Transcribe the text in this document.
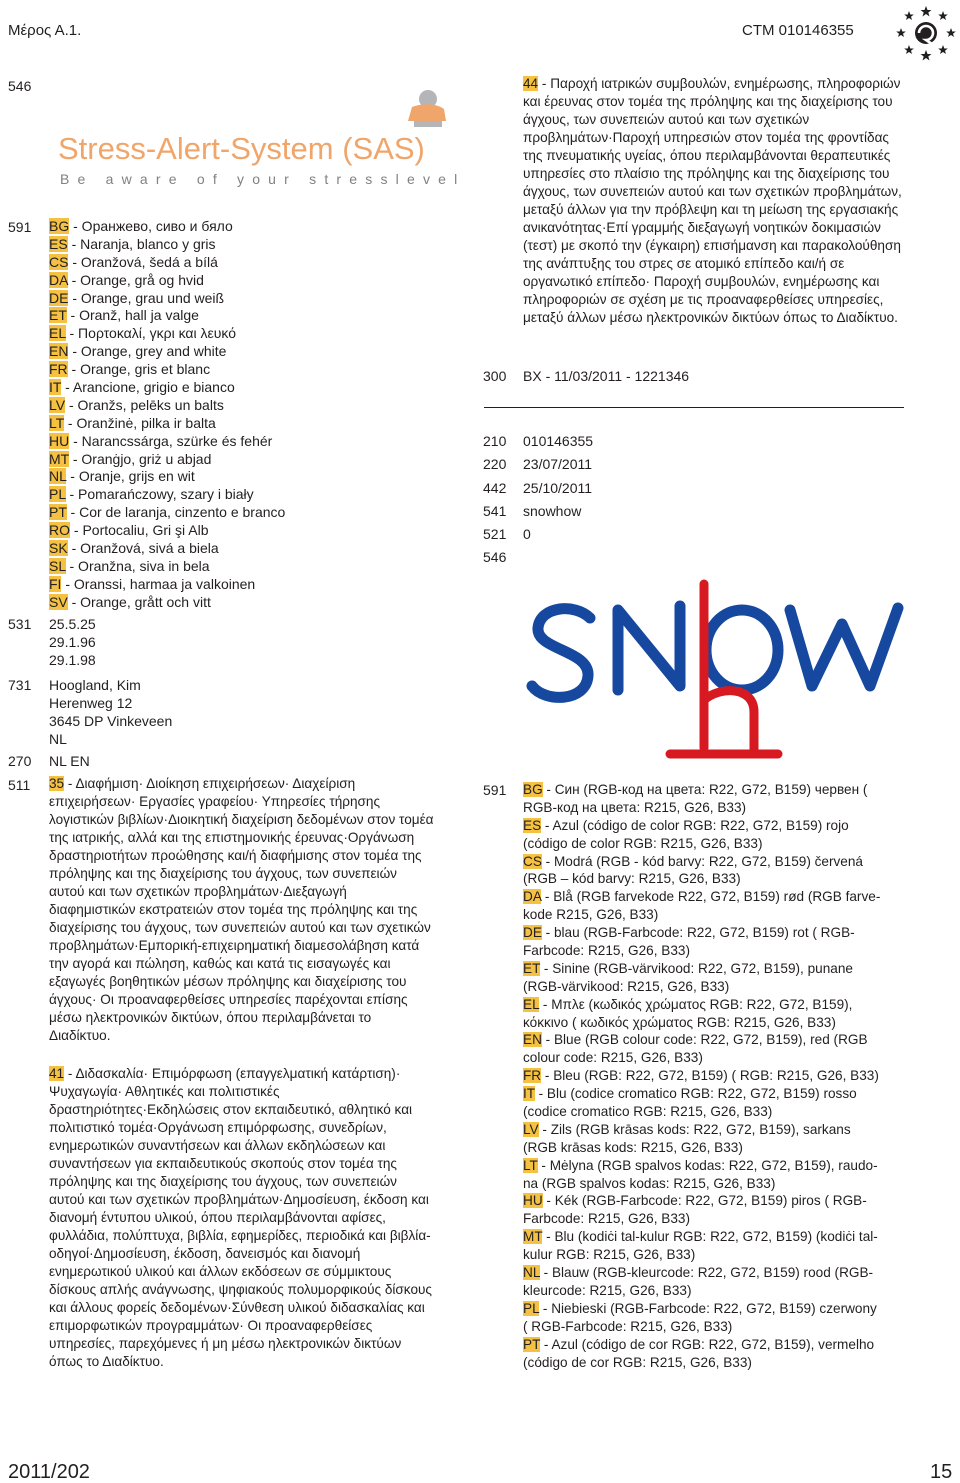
Μέρος Α.1.	CTM 010146355
546
Stress-Alert-System (SAS)
Be aware of your stresslevel
591	BG - Оранжево, сиво и бяло
ES - Naranja, blanco y gris
CS - Oranžová, šedá a bílá
DA - Orange, grå og hvid
DE - Orange, grau und weiß
ET - Oranž, hall ja valge
EL - Πορτοκαλί, γκρι και λευκό
EN - Orange, grey and white
FR - Orange, gris et blanc
IT - Arancione, grigio e bianco
LV - Oranžs, pelēks un balts
LT - Oranžinė, pilka ir balta
HU - Narancssárga, szürke és fehér
MT - Oranġjo, griż u abjad
NL - Oranje, grijs en wit
PL - Pomarańczowy, szary i biały
PT - Cor de laranja, cinzento e branco
RO - Portocaliu, Gri şi Alb
SK - Oranžová, sivá a biela
SL - Oranžna, siva in bela
FI - Oranssi, harmaa ja valkoinen
SV - Orange, grått och vitt
531	25.5.25
29.1.96
29.1.98
731	Hoogland, Kim
Herenweg 12
3645 DP Vinkeveen
NL
270	NL EN
511	35 - Διαφήμιση· Διοίκηση επιχειρήσεων· Διαχείριση επιχειρήσεων· Εργασίες γραφείου· Υπηρεσίες τήρησης λογιστικών βιβλίων·Διοικητική διαχείριση δεδομένων στον τομέα της ιατρικής, αλλά και της επιστημονικής έρευνας·Οργάνωση δραστηριοτήτων προώθησης και/ή διαφήμισης στον τομέα της πρόληψης και της διαχείρισης του άγχους, των συνεπειών αυτού και των σχετικών προβλημάτων·Διεξαγωγή διαφημιστικών εκστρατειών στον τομέα της πρόληψης και της διαχείρισης του άγχους, των συνεπειών αυτού και των σχετικών προβλημάτων·Εμπορική-επιχειρηματική διαμεσολάβηση κατά την αγορά και πώληση, καθώς και κατά τις εισαγωγές και εξαγωγές βοηθητικών μέσων πρόληψης και διαχείρισης του άγχους· Οι προαναφερθείσες υπηρεσίες παρέχονται επίσης μέσω ηλεκτρονικών δικτύων, όπου περιλαμβάνεται το Διαδίκτυο.
41 - Διδασκαλία· Επιμόρφωση (επαγγελματική κατάρτιση)· Ψυχαγωγία· Αθλητικές και πολιτιστικές δραστηριότητες·Εκδηλώσεις στον εκπαιδευτικό, αθλητικό και πολιτιστικό τομέα·Οργάνωση επιμόρφωσης, συνεδρίων, ενημερωτικών συναντήσεων και άλλων εκδηλώσεων και συναντήσεων για εκπαιδευτικούς σκοπούς στον τομέα της πρόληψης και της διαχείρισης του άγχους, των συνεπειών αυτού και των σχετικών προβλημάτων·Δημοσίευση, έκδοση και διανομή έντυπου υλικού, όπου περιλαμβάνονται αφίσες, φυλλάδια, πολύπτυχα, βιβλία, εφημερίδες, περιοδικά και βιβλία-οδηγοί·Δημοσίευση, έκδοση, δανεισμός και διανομή ενημερωτικού υλικού και άλλων εκδόσεων σε σύμμικτους δίσκους απλής ανάγνωσης, ψηφιακούς πολυμορφικούς δίσκους και άλλους φορείς δεδομένων·Σύνθεση υλικού διδασκαλίας και επιμορφωτικών προγραμμάτων· Οι προαναφερθείσες υπηρεσίες, παρεχόμενες ή μη μέσω ηλεκτρονικών δικτύων όπως το Διαδίκτυο.
44 - Παροχή ιατρικών συμβουλών, ενημέρωσης, πληροφοριών και έρευνας στον τομέα της πρόληψης και της διαχείρισης του άγχους, των συνεπειών αυτού και των σχετικών προβλημάτων·Παροχή υπηρεσιών στον τομέα της φροντίδας της πνευματικής υγείας, όπου περιλαμβάνονται θεραπευτικές υπηρεσίες στο πλαίσιο της πρόληψης και της διαχείρισης του άγχους, των συνεπειών αυτού και των σχετικών προβλημάτων, μεταξύ άλλων για την πρόβλεψη και τη μείωση της εργασιακής ανικανότητας·Επί γραμμής διεξαγωγή νοητικών δοκιμασιών (τεστ) με σκοπό την (έγκαιρη) επισήμανση και παρακολούθηση της ανάπτυξης του στρες σε ατομικό επίπεδο και/ή σε οργανωτικό επίπεδο· Παροχή συμβουλών, ενημέρωσης και πληροφοριών σε σχέση με τις προαναφερθείσες υπηρεσίες, μεταξύ άλλων μέσω ηλεκτρονικών δικτύων όπως το Διαδίκτυο.
300	BX - 11/03/2011 - 1221346
210	010146355
220	23/07/2011
442	25/10/2011
541	snowhow
521	0
546
591	BG - Син (RGB-код на цвета: R22, G72, B159) червен (
RGB-код на цвета: R215, G26, B33)
ES - Azul (código de color RGB: R22, G72, B159) rojo
(código de color RGB: R215, G26, B33)
CS - Modrá (RGB - kód barvy: R22, G72, B159) červená
(RGB – kód barvy: R215, G26, B33)
DA - Blå (RGB farvekode R22, G72, B159) rød (RGB farve-
kode R215, G26, B33)
DE - blau (RGB-Farbcode: R22, G72, B159) rot ( RGB-
Farbcode: R215, G26, B33)
ET - Sinine (RGB-värvikood: R22, G72, B159), punane
(RGB-värvikood: R215, G26, B33)
EL - Μπλε (κωδικός χρώματος RGB: R22, G72, B159),
κόκκινο ( κωδικός χρώματος RGB: R215, G26, B33)
EN - Blue (RGB colour code: R22, G72, B159), red (RGB
colour code: R215, G26, B33)
FR - Bleu (RGB: R22, G72, B159) ( RGB: R215, G26, B33)
IT - Blu (codice cromatico RGB: R22, G72, B159) rosso
(codice cromatico RGB: R215, G26, B33)
LV - Zils (RGB krāsas kods: R22, G72, B159), sarkans
(RGB krāsas kods: R215, G26, B33)
LT - Mėlyna (RGB spalvos kodas: R22, G72, B159), raudo-
na (RGB spalvos kodas: R215, G26, B33)
HU - Kék (RGB-Farbcode: R22, G72, B159) piros ( RGB-
Farbcode: R215, G26, B33)
MT - Blu (kodiċi tal-kulur RGB: R22, G72, B159) (kodiċi tal-
kulur RGB: R215, G26, B33)
NL - Blauw (RGB-kleurcode: R22, G72, B159) rood (RGB-
kleurcode: R215, G26, B33)
PL - Niebieski (RGB-Farbcode: R22, G72, B159) czerwony
( RGB-Farbcode: R215, G26, B33)
PT - Azul (código de cor RGB: R22, G72, B159), vermelho
(código de cor RGB: R215, G26, B33)
2011/202	15
